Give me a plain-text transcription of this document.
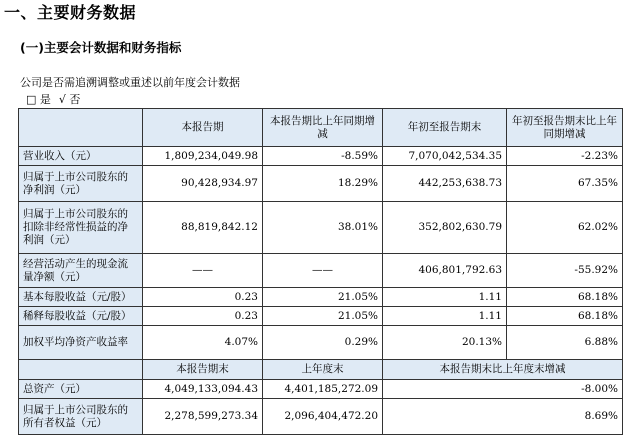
一、主要财务数据
(一)主要会计数据和财务指标
公司是否需追溯调整或重述以前年度会计数据
□ 是 √ 否
	本报告期	本报告期比上年同期增减	年初至报告期末	年初至报告期末比上年同期增减
营业收入（元）	1,809,234,049.98	-8.59%	7,070,042,534.35	-2.23%
归属于上市公司股东的净利润（元）	90,428,934.97	18.29%	442,253,638.73	67.35%
归属于上市公司股东的扣除非经常性损益的净利润（元）	88,819,842.12	38.01%	352,802,630.79	62.02%
经营活动产生的现金流量净额（元）	——	——	406,801,792.63	-55.92%
基本每股收益（元/股）	0.23	21.05%	1.11	68.18%
稀释每股收益（元/股）	0.23	21.05%	1.11	68.18%
加权平均净资产收益率	4.07%	0.29%	20.13%	6.88%
	本报告期末	上年度末	本报告期末比上年度末增减	
总资产（元）	4,049,133,094.43	4,401,185,272.09	-8.00%	
归属于上市公司股东的所有者权益（元）	2,278,599,273.34	2,096,404,472.20	8.69%	
